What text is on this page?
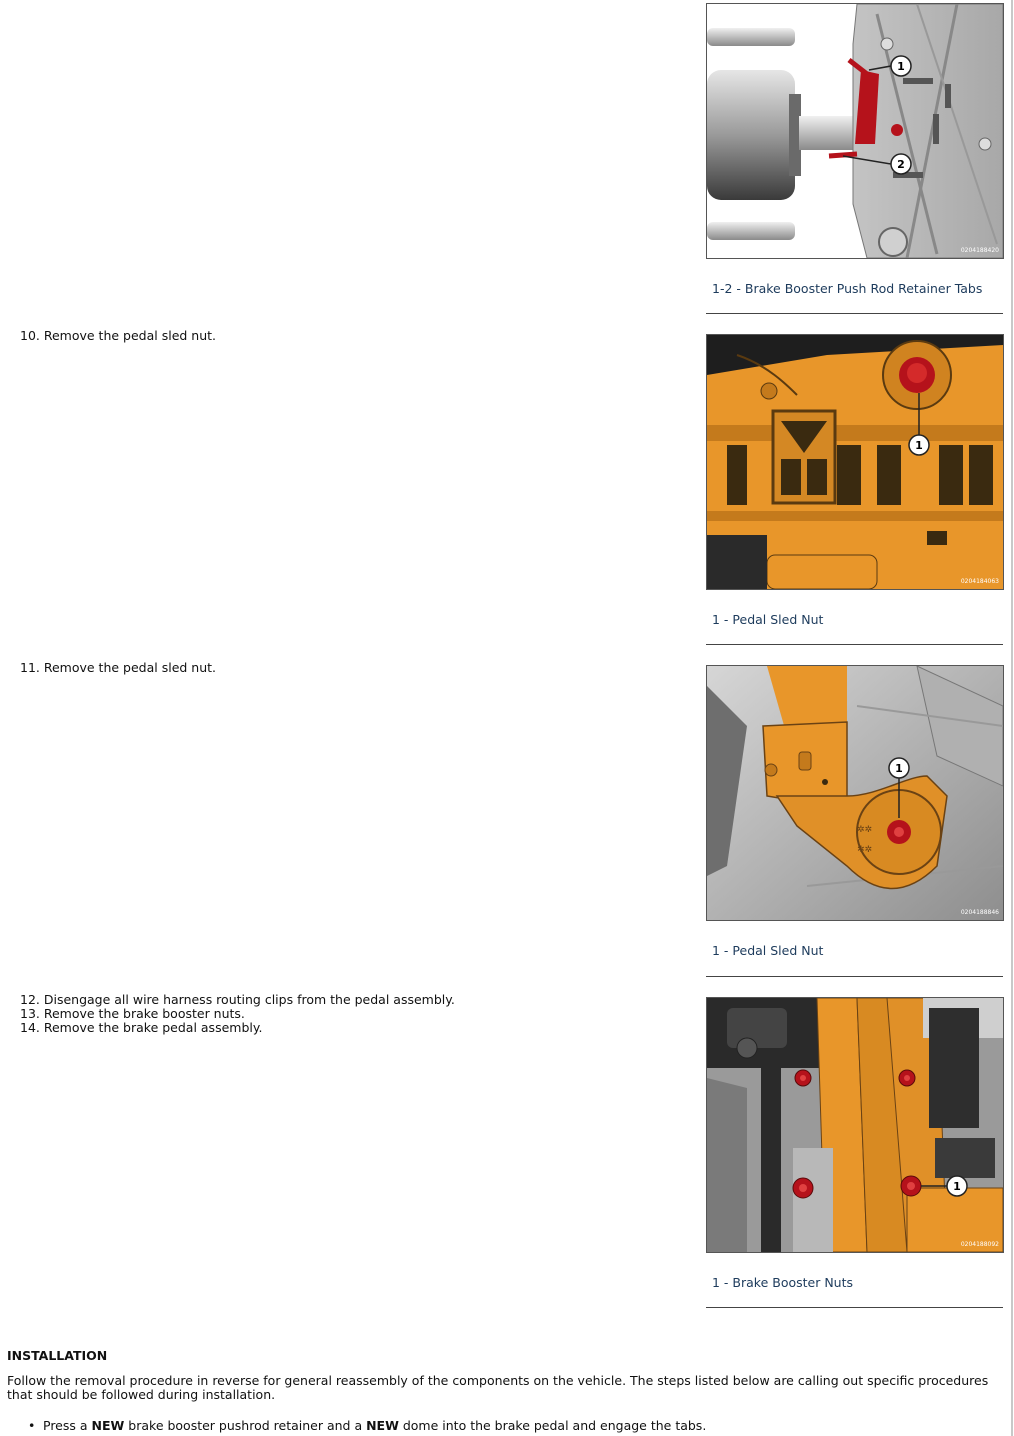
1
2
0204188420
1-2 - Brake Booster Push Rod Retainer Tabs
10. Remove the pedal sled nut.
1
0204184063
1 - Pedal Sled Nut
11. Remove the pedal sled nut.
✲✲
✲✲
1
0204188846
1 - Pedal Sled Nut
12. Disengage all wire harness routing clips from the pedal assembly.
13. Remove the brake booster nuts.
14. Remove the brake pedal assembly.
1
0204188092
1 - Brake Booster Nuts
INSTALLATION
Follow the removal procedure in reverse for general reassembly of the components on the vehicle. The steps listed below are calling out specific procedures that should be followed during installation.
• Press a NEW brake booster pushrod retainer and a NEW dome into the brake pedal and engage the tabs.
